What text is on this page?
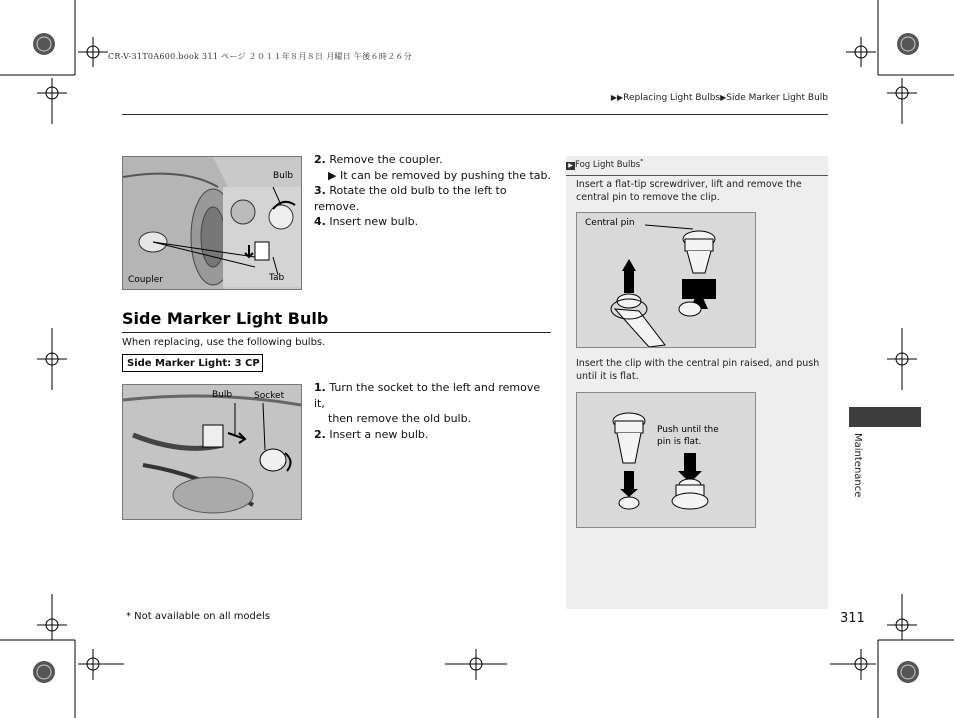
CR-V-31T0A600.book 311 ページ ２０１１年８月８日 月曜日 午後６時２６分
▶▶Replacing Light Bulbs▶Side Marker Light Bulb
Bulb
Coupler	Tab
2. Remove the coupler.
▶ It can be removed by pushing the tab.
3. Rotate the old bulb to the left to remove.
4. Insert new bulb.
Side Marker Light Bulb
When replacing, use the following bulbs.
Side Marker Light: 3 CP
Bulb Socket
1. Turn the socket to the left and remove it,
then remove the old bulb.
2. Insert a new bulb.
▶ Fog Light Bulbs*
Insert a flat-tip screwdriver, lift and remove the
central pin to remove the clip.
Central pin
Insert the clip with the central pin raised, and push
until it is flat.
Push until the
pin is flat.	Maintenance
311
* Not available on all models
